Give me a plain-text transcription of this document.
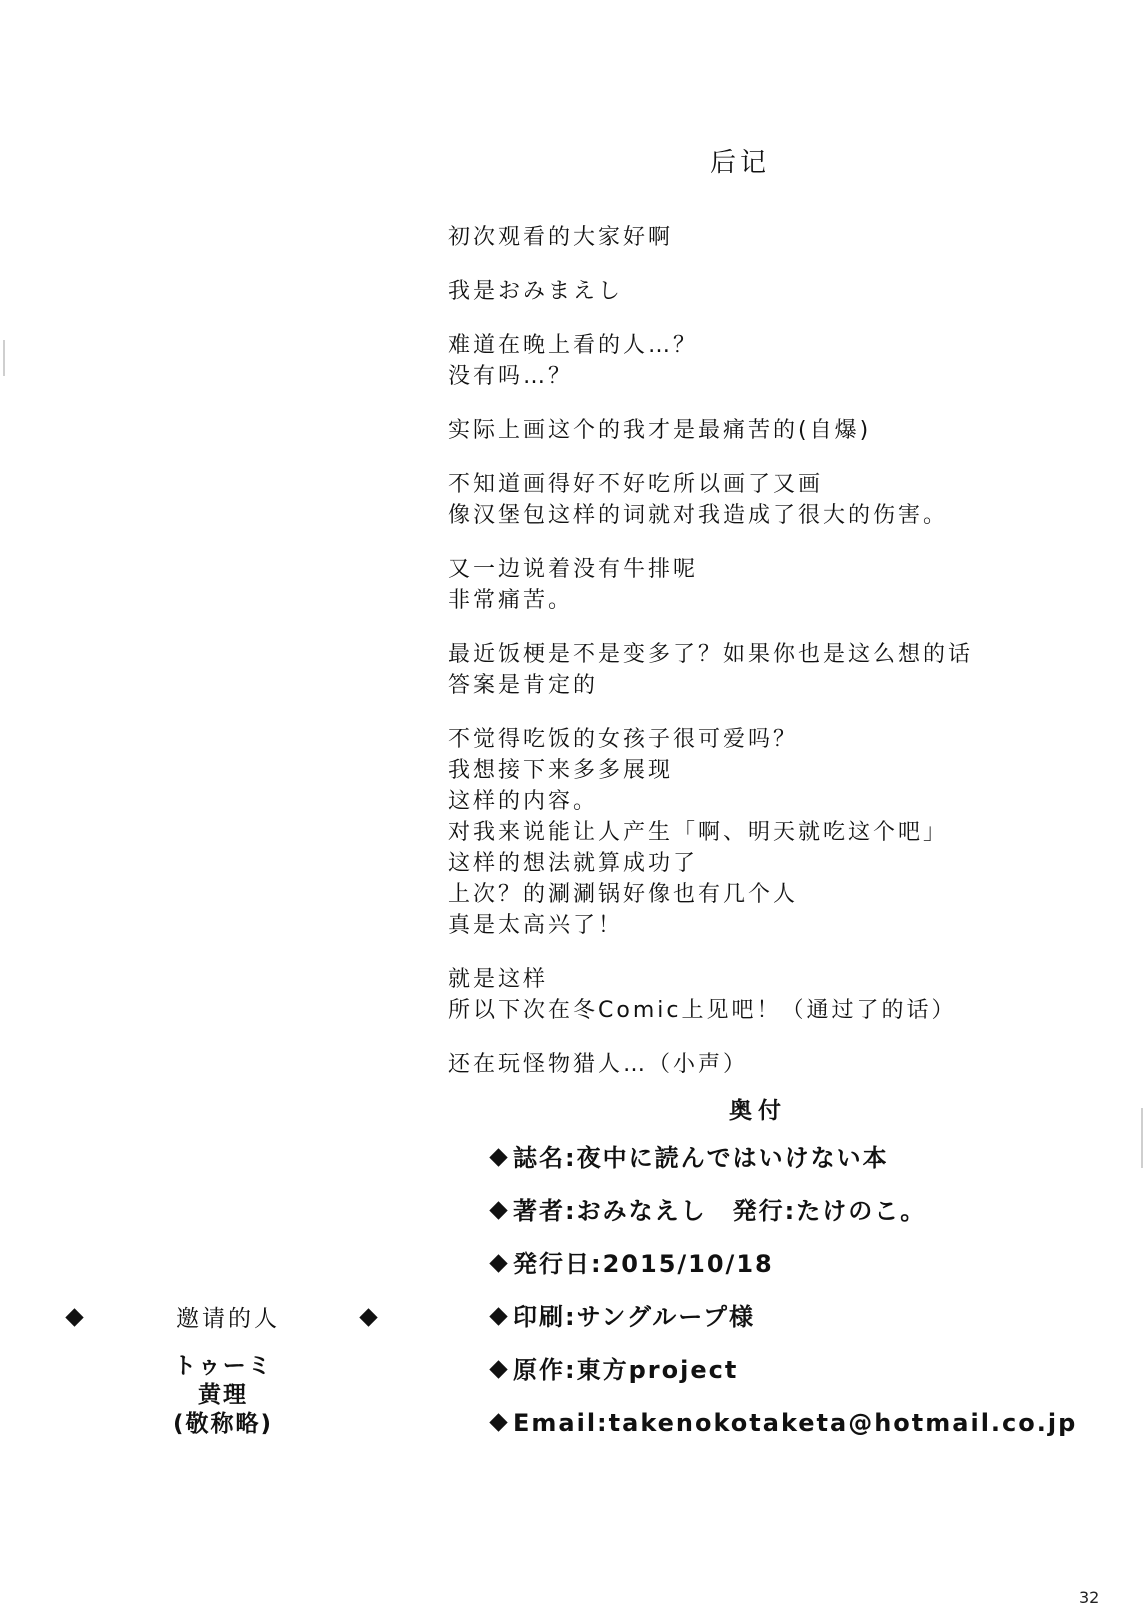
后记
初次观看的大家好啊
我是おみまえし
难道在晚上看的人…？
没有吗…？
实际上画这个的我才是最痛苦的(自爆)
不知道画得好不好吃所以画了又画
像汉堡包这样的词就对我造成了很大的伤害。
又一边说着没有牛排呢
非常痛苦。
最近饭梗是不是变多了？如果你也是这么想的话
答案是肯定的
不觉得吃饭的女孩子很可爱吗？
我想接下来多多展现
这样的内容。
对我来说能让人产生「啊、明天就吃这个吧」
这样的想法就算成功了
上次？的涮涮锅好像也有几个人
真是太高兴了！
就是这样
所以下次在冬Comic上见吧！（通过了的话）
还在玩怪物猎人…（小声）
奥付
誌名:夜中に読んではいけない本
著者:おみなえし　発行:たけのこ。
発行日:2015/10/18
印刷:サングループ様
原作:東方project
Email:takenokotaketa@hotmail.co.jp
邀请的人
トゥーミ
黄理
(敬称略)
32
